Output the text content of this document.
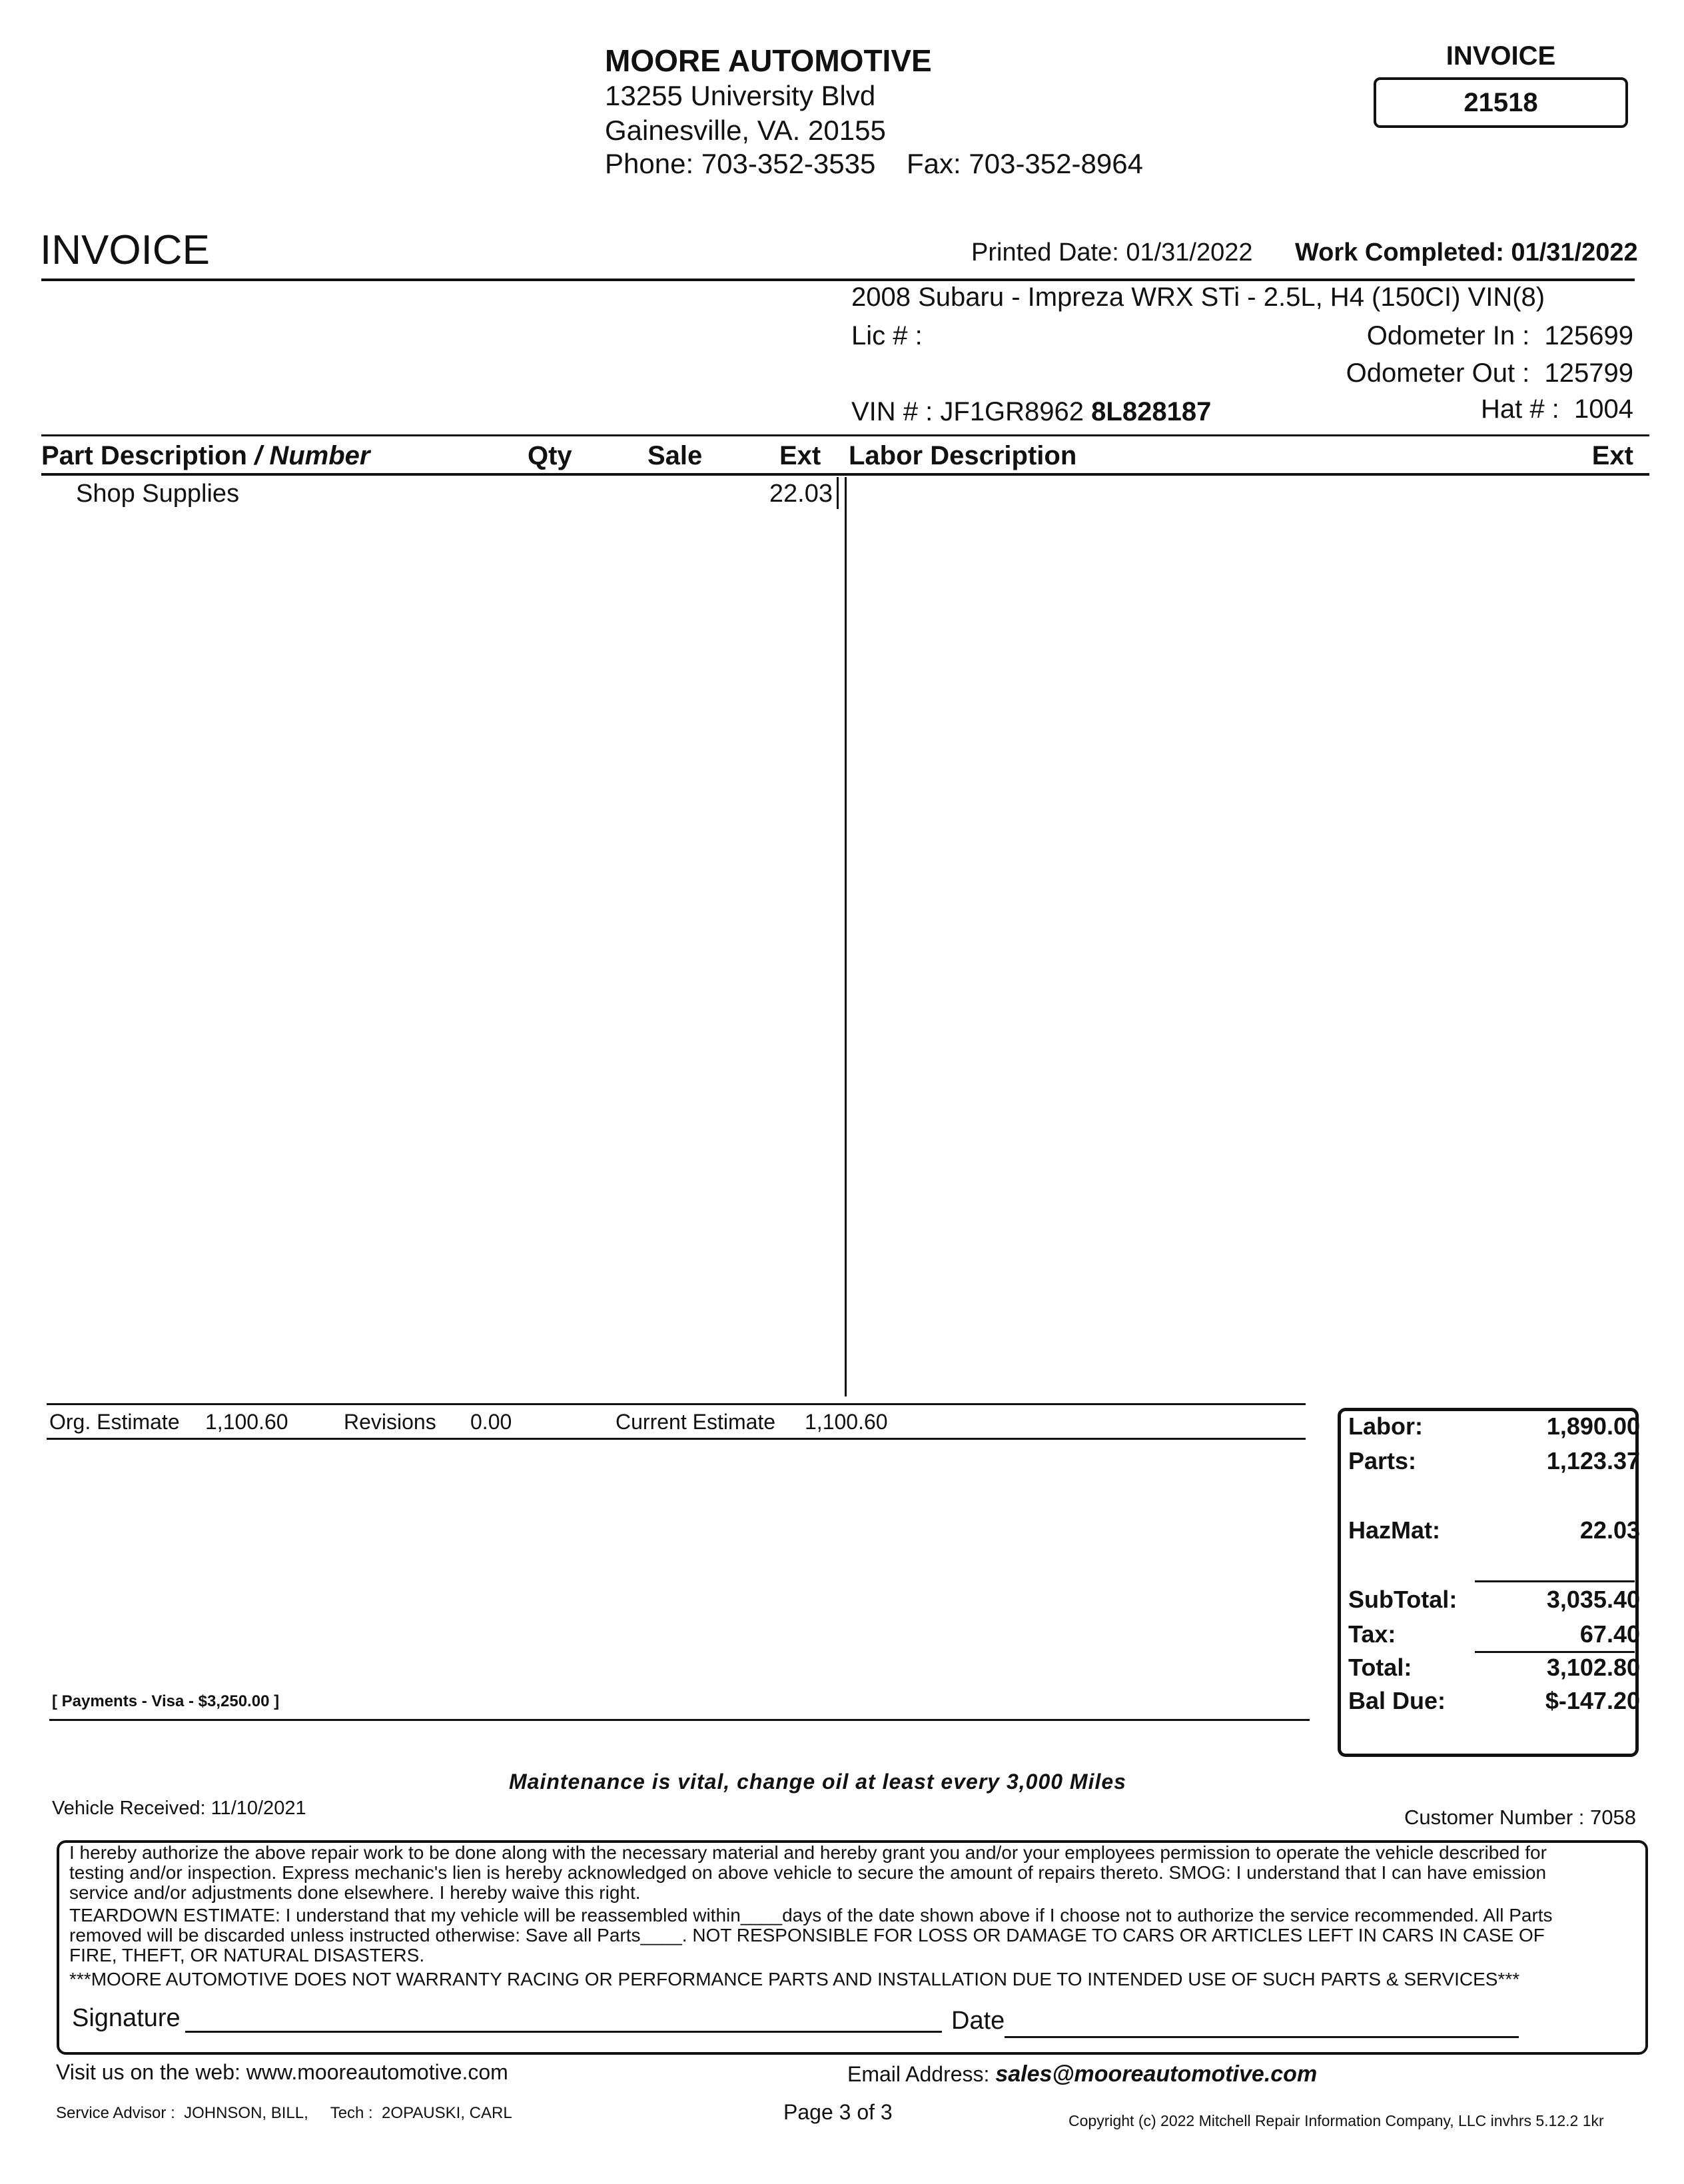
MOORE AUTOMOTIVE
13255 University Blvd
Gainesville, VA. 20155
Phone: 703-352-3535    Fax: 703-352-8964
INVOICE
21518
INVOICE	Printed Date: 01/31/2022 Work Completed: 01/31/2022
2008 Subaru - Impreza WRX STi - 2.5L, H4 (150CI) VIN(8)
Lic # :	Odometer In :  125699
Odometer Out :  125799
VIN # : JF1GR8962 8L828187	Hat # :  1004
Part Description / Number	Qty	Sale	Ext Labor Description	Ext
Shop Supplies	22.03
Org. Estimate 1,100.60	Revisions 0.00	Current Estimate 1,100.60
[ Payments - Visa - $3,250.00 ]
Labor:	1,890.00
Parts:	1,123.37
HazMat:	22.03
SubTotal:	3,035.40
Tax:	67.40
Total:	3,102.80
Bal Due:	$-147.20
Maintenance is vital, change oil at least every 3,000 Miles
Vehicle Received: 11/10/2021	Customer Number : 7058
I hereby authorize the above repair work to be done along with the necessary material and hereby grant you and/or your employees permission to operate the vehicle described for
testing and/or inspection. Express mechanic's lien is hereby acknowledged on above vehicle to secure the amount of repairs thereto. SMOG: I understand that I can have emission
service and/or adjustments done elsewhere. I hereby waive this right.
TEARDOWN ESTIMATE: I understand that my vehicle will be reassembled within____days of the date shown above if I choose not to authorize the service recommended. All Parts
removed will be discarded unless instructed otherwise: Save all Parts____. NOT RESPONSIBLE FOR LOSS OR DAMAGE TO CARS OR ARTICLES LEFT IN CARS IN CASE OF
FIRE, THEFT, OR NATURAL DISASTERS.
***MOORE AUTOMOTIVE DOES NOT WARRANTY RACING OR PERFORMANCE PARTS AND INSTALLATION DUE TO INTENDED USE OF SUCH PARTS & SERVICES***
Signature	Date
Visit us on the web: www.mooreautomotive.com	Email Address: sales@mooreautomotive.com
Service Advisor :  JOHNSON, BILL,     Tech :  2OPAUSKI, CARL	Page 3 of 3	Copyright (c) 2022 Mitchell Repair Information Company, LLC invhrs 5.12.2 1kr
